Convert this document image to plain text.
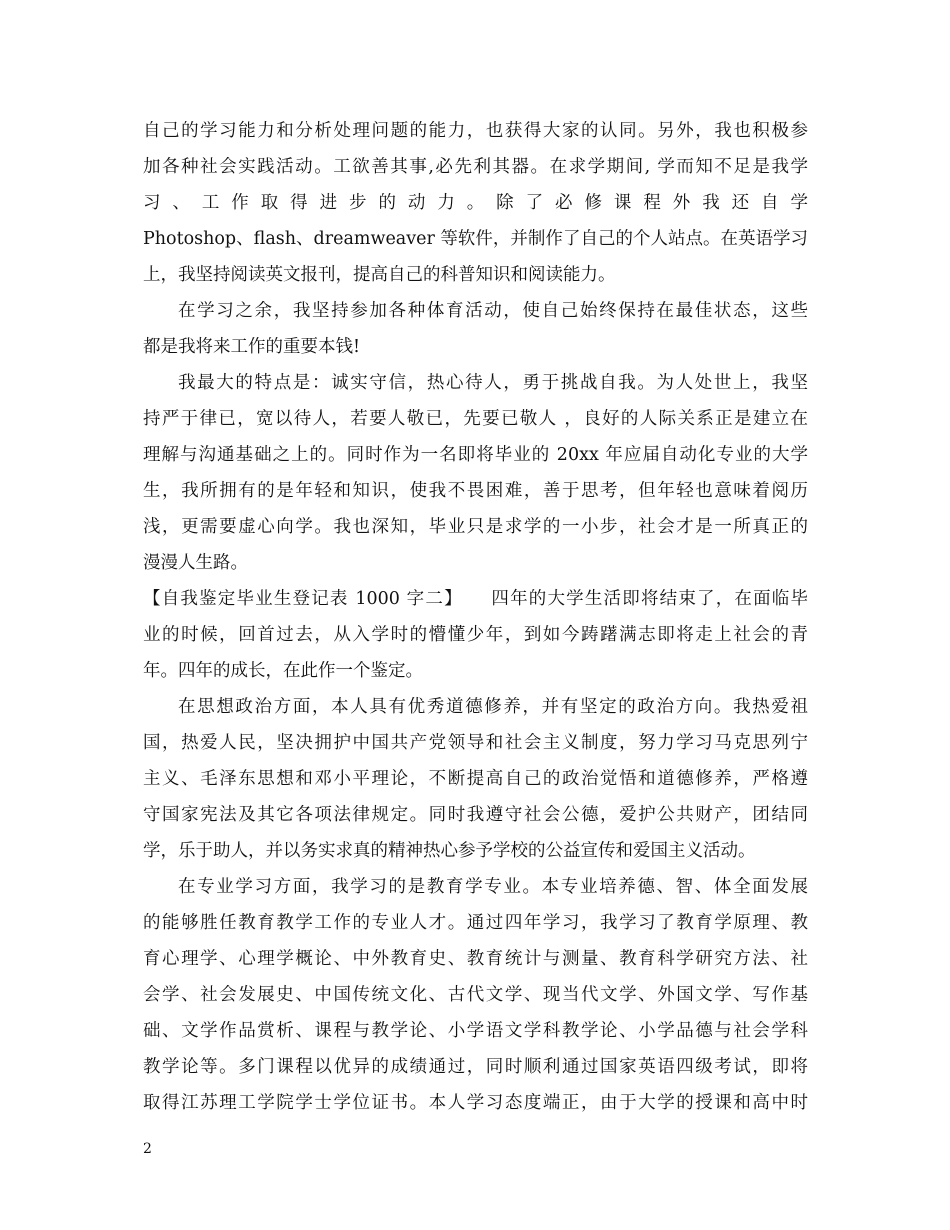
自己的学习能力和分析处理问题的能力，也获得大家的认同。另外，我也积极参
加各种社会实践活动。工欲善其事,必先利其器。在求学期间, 学而知不足是我学
习 、 工 作 取 得 进 步 的 动 力 。 除 了 必 修 课 程 外 我 还 自 学
Photoshop、flash、dreamweaver 等软件，并制作了自己的个人站点。在英语学习
上，我坚持阅读英文报刊，提高自己的科普知识和阅读能力。
在学习之余，我坚持参加各种体育活动，使自己始终保持在最佳状态，这些
都是我将来工作的重要本钱!
我最大的特点是：诚实守信，热心待人，勇于挑战自我。为人处世上，我坚
持严于律已，宽以待人，若要人敬已，先要已敬人 ，良好的人际关系正是建立在
理解与沟通基础之上的。同时作为一名即将毕业的 20xx 年应届自动化专业的大学
生，我所拥有的是年轻和知识，使我不畏困难，善于思考，但年轻也意味着阅历
浅，更需要虚心向学。我也深知，毕业只是求学的一小步，社会才是一所真正的
漫漫人生路。
【自我鉴定毕业生登记表 1000 字二】　　四年的大学生活即将结束了，在面临毕
业的时候，回首过去，从入学时的懵懂少年，到如今踌躇满志即将走上社会的青
年。四年的成长，在此作一个鉴定。
在思想政治方面，本人具有优秀道德修养，并有坚定的政治方向。我热爱祖
国，热爱人民，坚决拥护中国共产党领导和社会主义制度，努力学习马克思列宁
主义、毛泽东思想和邓小平理论，不断提高自己的政治觉悟和道德修养，严格遵
守国家宪法及其它各项法律规定。同时我遵守社会公德，爱护公共财产，团结同
学，乐于助人，并以务实求真的精神热心参予学校的公益宣传和爱国主义活动。
在专业学习方面，我学习的是教育学专业。本专业培养德、智、体全面发展
的能够胜任教育教学工作的专业人才。通过四年学习，我学习了教育学原理、教
育心理学、心理学概论、中外教育史、教育统计与测量、教育科学研究方法、社
会学、社会发展史、中国传统文化、古代文学、现当代文学、外国文学、写作基
础、文学作品赏析、课程与教学论、小学语文学科教学论、小学品德与社会学科
教学论等。多门课程以优异的成绩通过，同时顺利通过国家英语四级考试，即将
取得江苏理工学院学士学位证书。本人学习态度端正，由于大学的授课和高中时
2
